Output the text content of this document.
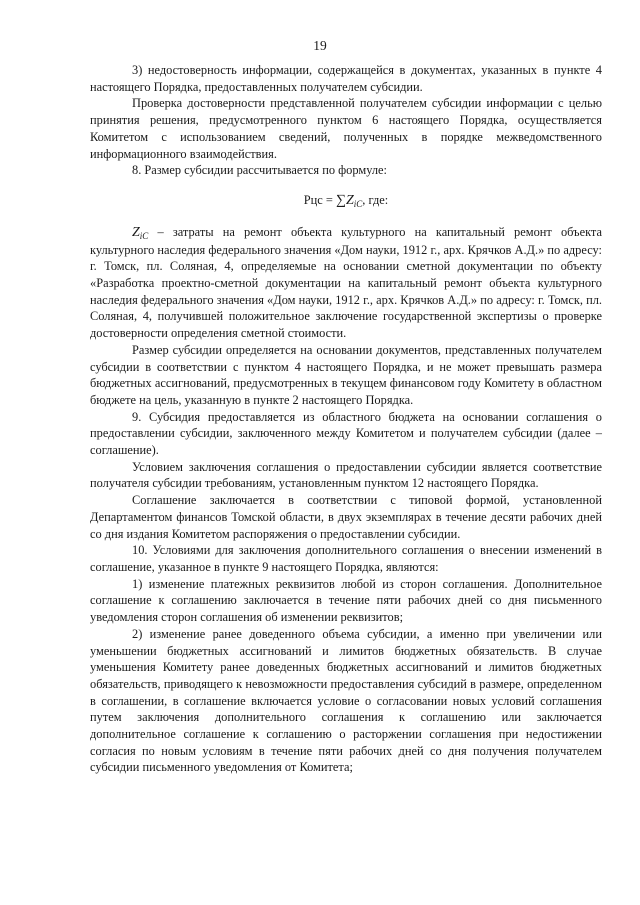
19

3) недостоверность информации, содержащейся в документах, указанных в пункте 4 настоящего Порядка, предоставленных получателем субсидии.

Проверка достоверности представленной получателем субсидии информации с целью принятия решения, предусмотренного пунктом 6 настоящего Порядка, осуществляется Комитетом с использованием сведений, полученных в порядке межведомственного информационного взаимодействия.

8. Размер субсидии рассчитывается по формуле:

Рцс = $\sum Z_{iC}$, где:

$Z_{iC}$ – затраты на ремонт объекта культурного на капитальный ремонт объекта культурного наследия федерального значения «Дом науки, 1912 г., арх. Крячков А.Д.» по адресу: г. Томск, пл. Соляная, 4, определяемые на основании сметной документации по объекту «Разработка проектно-сметной документации на капитальный ремонт объекта культурного наследия федерального значения «Дом науки, 1912 г., арх. Крячков А.Д.» по адресу: г. Томск, пл. Соляная, 4, получившей положительное заключение государственной экспертизы о проверке достоверности определения сметной стоимости.

Размер субсидии определяется на основании документов, представленных получателем субсидии в соответствии с пунктом 4 настоящего Порядка, и не может превышать размера бюджетных ассигнований, предусмотренных в текущем финансовом году Комитету в областном бюджете на цель, указанную в пункте 2 настоящего Порядка.

9. Субсидия предоставляется из областного бюджета на основании соглашения о предоставлении субсидии, заключенного между Комитетом и получателем субсидии (далее – соглашение).

Условием заключения соглашения о предоставлении субсидии является соответствие получателя субсидии требованиям, установленным пунктом 12 настоящего Порядка.

Соглашение заключается в соответствии с типовой формой, установленной Департаментом финансов Томской области, в двух экземплярах в течение десяти рабочих дней со дня издания Комитетом распоряжения о предоставлении субсидии.

10. Условиями для заключения дополнительного соглашения о внесении изменений в соглашение, указанное в пункте 9 настоящего Порядка, являются:

1) изменение платежных реквизитов любой из сторон соглашения. Дополнительное соглашение к соглашению заключается в течение пяти рабочих дней со дня письменного уведомления сторон соглашения об изменении реквизитов;

2) изменение ранее доведенного объема субсидии, а именно при увеличении или уменьшении бюджетных ассигнований и лимитов бюджетных обязательств. В случае уменьшения Комитету ранее доведенных бюджетных ассигнований и лимитов бюджетных обязательств, приводящего к невозможности предоставления субсидий в размере, определенном в соглашении, в соглашение включается условие о согласовании новых условий соглашения путем заключения дополнительного соглашения к соглашению или заключается дополнительное соглашение к соглашению о расторжении соглашения при недостижении согласия по новым условиям в течение пяти рабочих дней со дня получения получателем субсидии письменного уведомления от Комитета;
